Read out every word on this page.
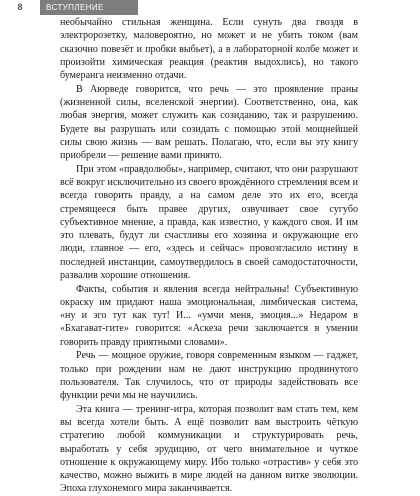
8	ВСТУПЛЕНИЕ

необычайно стильная женщина. Если сунуть два гвоздя в электророзетку, маловероятно, но может и не убить током (вам сказочно повезёт и пробки выбьет), а в лабораторной колбе может и произойти химическая реакция (реактив выдохлись), но такого бумеранга неизменно отдачи.

В Аюрведе говорится, что речь — это проявление праны (жизненной силы, вселенской энергии). Соответственно, она, как любая энергия, может служить как созиданию, так и разрушению. Будете вы разрушать или созидать с помощью этой мощнейшей силы свою жизнь — вам решать. Полагаю, что, если вы эту книгу приобрели — решение вами принято.

При этом «правдолюбы», например, считают, что они разрушают всё вокруг исключительно из своего врождённого стремления всем и всегда говорить правду, а на самом деле это их его, всегда стремящееся быть правее других, озвучивает свое сугубо субъективное мнение, а правда, как известно, у каждого своя. И им это плевать, будут ли счастливы его хозяина и окружающие его люди, главное — его, «здесь и сейчас» провозгласило истину в последней инстанции, самоутвердилось в своей самодостаточности, развалив хорошие отношения.

Факты, события и явления всегда нейтральны! Субъективную окраску им придают наша эмоциональная, лимбическая система, «ну и эго тут как тут! И... «умчи меня, эмоция...» Недаром в «Бхагават-гите» говорится: «Аскеза речи заключается в умении говорить правду приятными словами».

Речь — мощное оружие, говоря современным языком — гаджет, только при рождении нам не дают инструкцию продвинутого пользователя. Так случилось, что от природы задействовать все функции речи мы не научились.

Эта книга — тренинг-игра, которая позволит вам стать тем, кем вы всегда хотели быть. А ещё позволит вам выстроить чёткую стратегию любой коммуникации и структурировать речь, выработать у себя эрудицию, от чего внимательное и чуткое отношение к окружающему миру. Ибо только «отрастив» у себя это качество, можно выжить в мире людей на данном витке эволюции. Эпоха глухонемого мира заканчивается.
